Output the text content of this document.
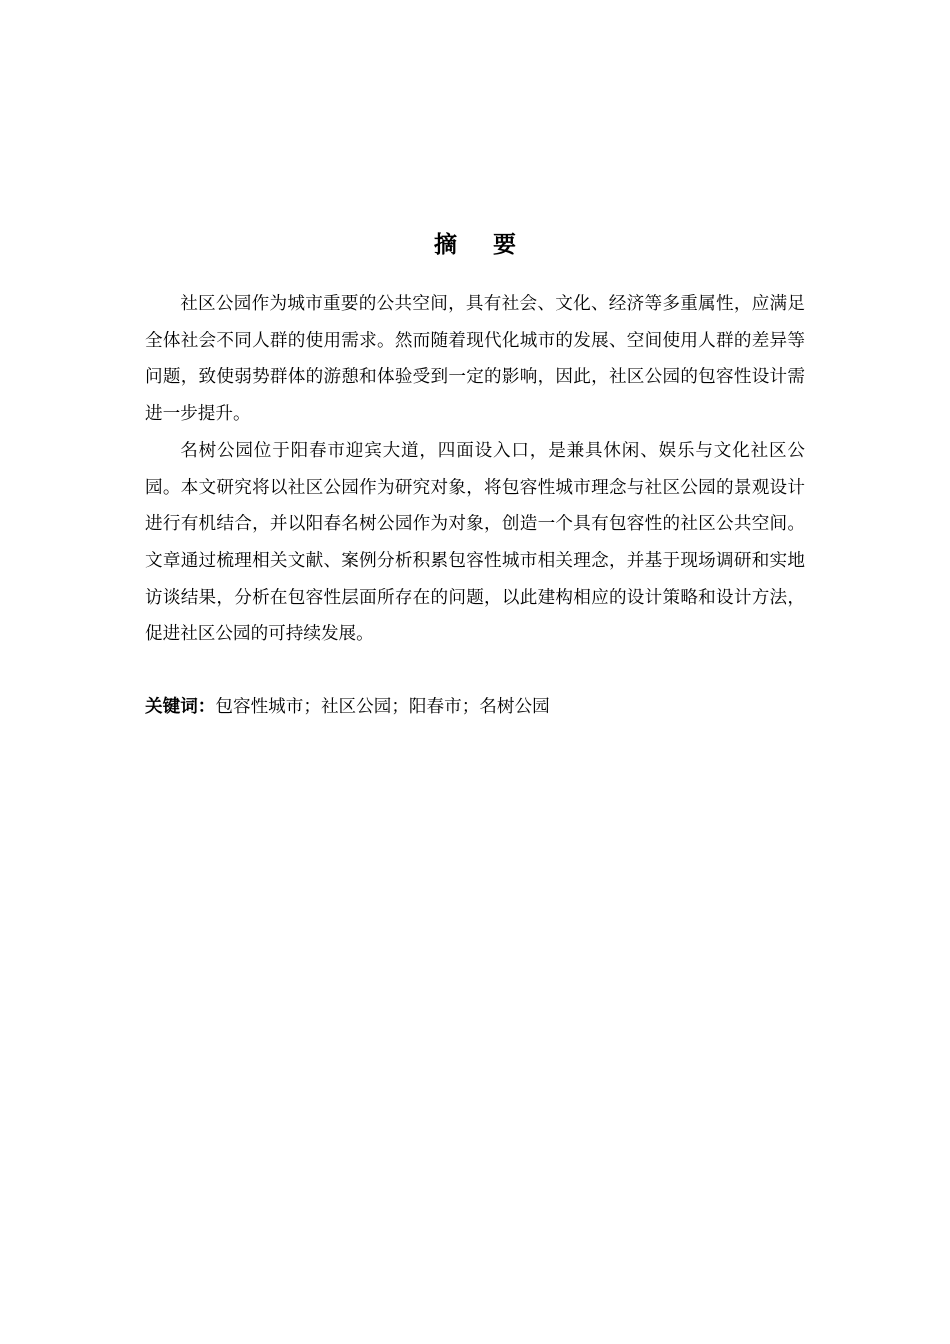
摘 要

社区公园作为城市重要的公共空间，具有社会、文化、经济等多重属性，应满足全体社会不同人群的使用需求。然而随着现代化城市的发展、空间使用人群的差异等问题，致使弱势群体的游憩和体验受到一定的影响，因此，社区公园的包容性设计需进一步提升。

名树公园位于阳春市迎宾大道，四面设入口，是兼具休闲、娱乐与文化社区公园。本文研究将以社区公园作为研究对象，将包容性城市理念与社区公园的景观设计进行有机结合，并以阳春名树公园作为对象，创造一个具有包容性的社区公共空间。文章通过梳理相关文献、案例分析积累包容性城市相关理念，并基于现场调研和实地访谈结果，分析在包容性层面所存在的问题，以此建构相应的设计策略和设计方法，促进社区公园的可持续发展。

关键词：包容性城市；社区公园；阳春市；名树公园
